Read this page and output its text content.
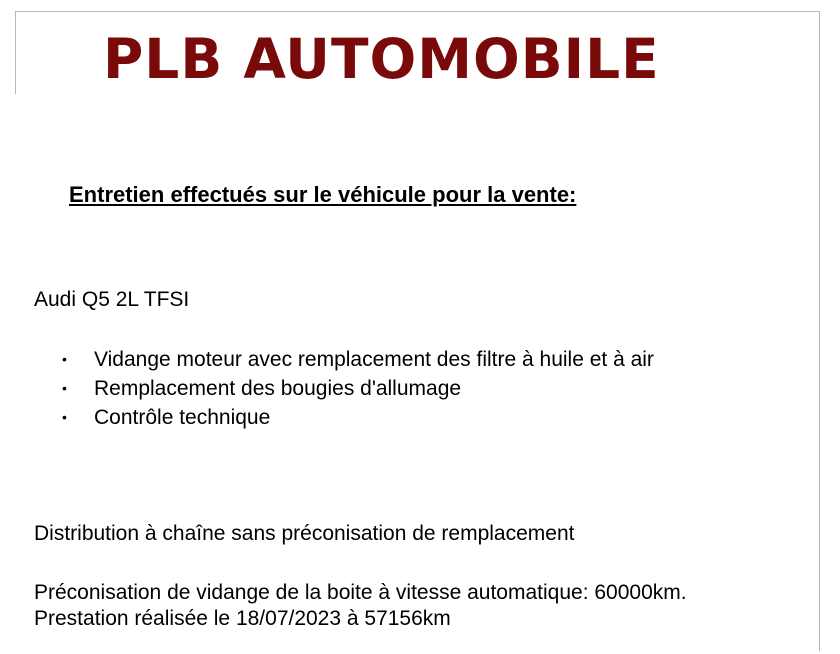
PLB AUTOMOBILE

Entretien effectués sur le véhicule pour la vente:

Audi Q5 2L TFSI

• Vidange moteur avec remplacement des filtre à huile et à air
• Remplacement des bougies d'allumage
• Contrôle technique

Distribution à chaîne sans préconisation de remplacement

Préconisation de vidange de la boite à vitesse automatique: 60000km.

Prestation réalisée le 18/07/2023 à 57156km
